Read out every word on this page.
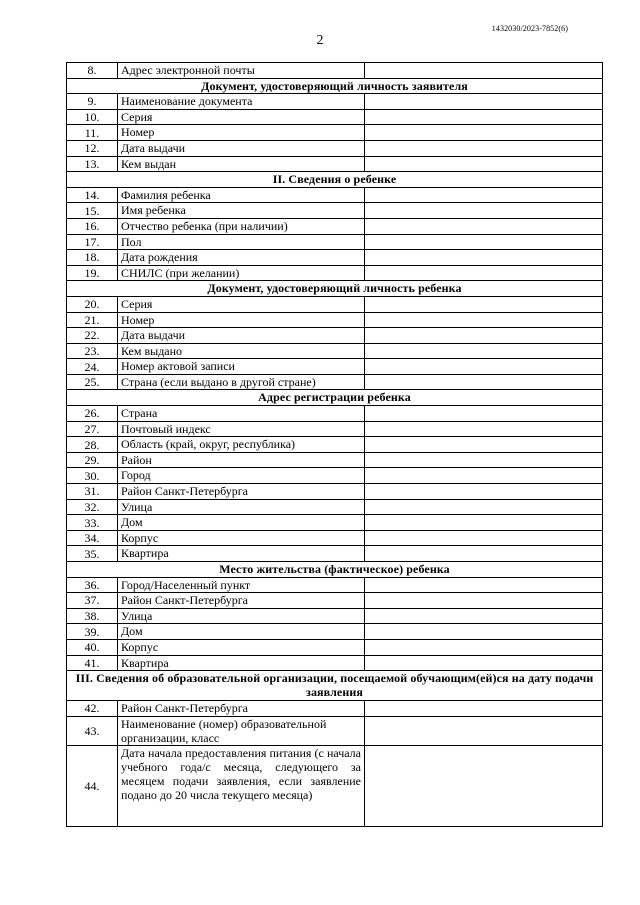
1432030/2023-7852(6)
2
8.	Адрес электронной почты	
Документ, удостоверяющий личность заявителя		
9.	Наименование документа	
10.	Серия	
11.	Номер	
12.	Дата выдачи	
13.	Кем выдан	
II. Сведения о ребенке		
14.	Фамилия ребенка	
15.	Имя ребенка	
16.	Отчество ребенка (при наличии)	
17.	Пол	
18.	Дата рождения	
19.	СНИЛС (при желании)	
Документ, удостоверяющий личность ребенка		
20.	Серия	
21.	Номер	
22.	Дата выдачи	
23.	Кем выдано	
24.	Номер актовой записи	
25.	Страна (если выдано в другой стране)	
Адрес регистрации ребенка		
26.	Страна	
27.	Почтовый индекс	
28.	Область (край, округ, республика)	
29.	Район	
30.	Город	
31.	Район Санкт-Петербурга	
32.	Улица	
33.	Дом	
34.	Корпус	
35.	Квартира	
Место жительства (фактическое) ребенка		
36.	Город/Населенный пункт	
37.	Район Санкт-Петербурга	
38.	Улица	
39.	Дом	
40.	Корпус	
41.	Квартира	
III. Сведения об образовательной организации, посещаемой обучающим(ей)ся на дату подачи заявления		
42.	Район Санкт-Петербурга	
43.	Наименование (номер) образовательной организации, класс	
44.	Дата начала предоставления питания (с начала учебного года/с месяца, следующего за месяцем подачи заявления, если заявление подано до 20 числа текущего месяца)	
